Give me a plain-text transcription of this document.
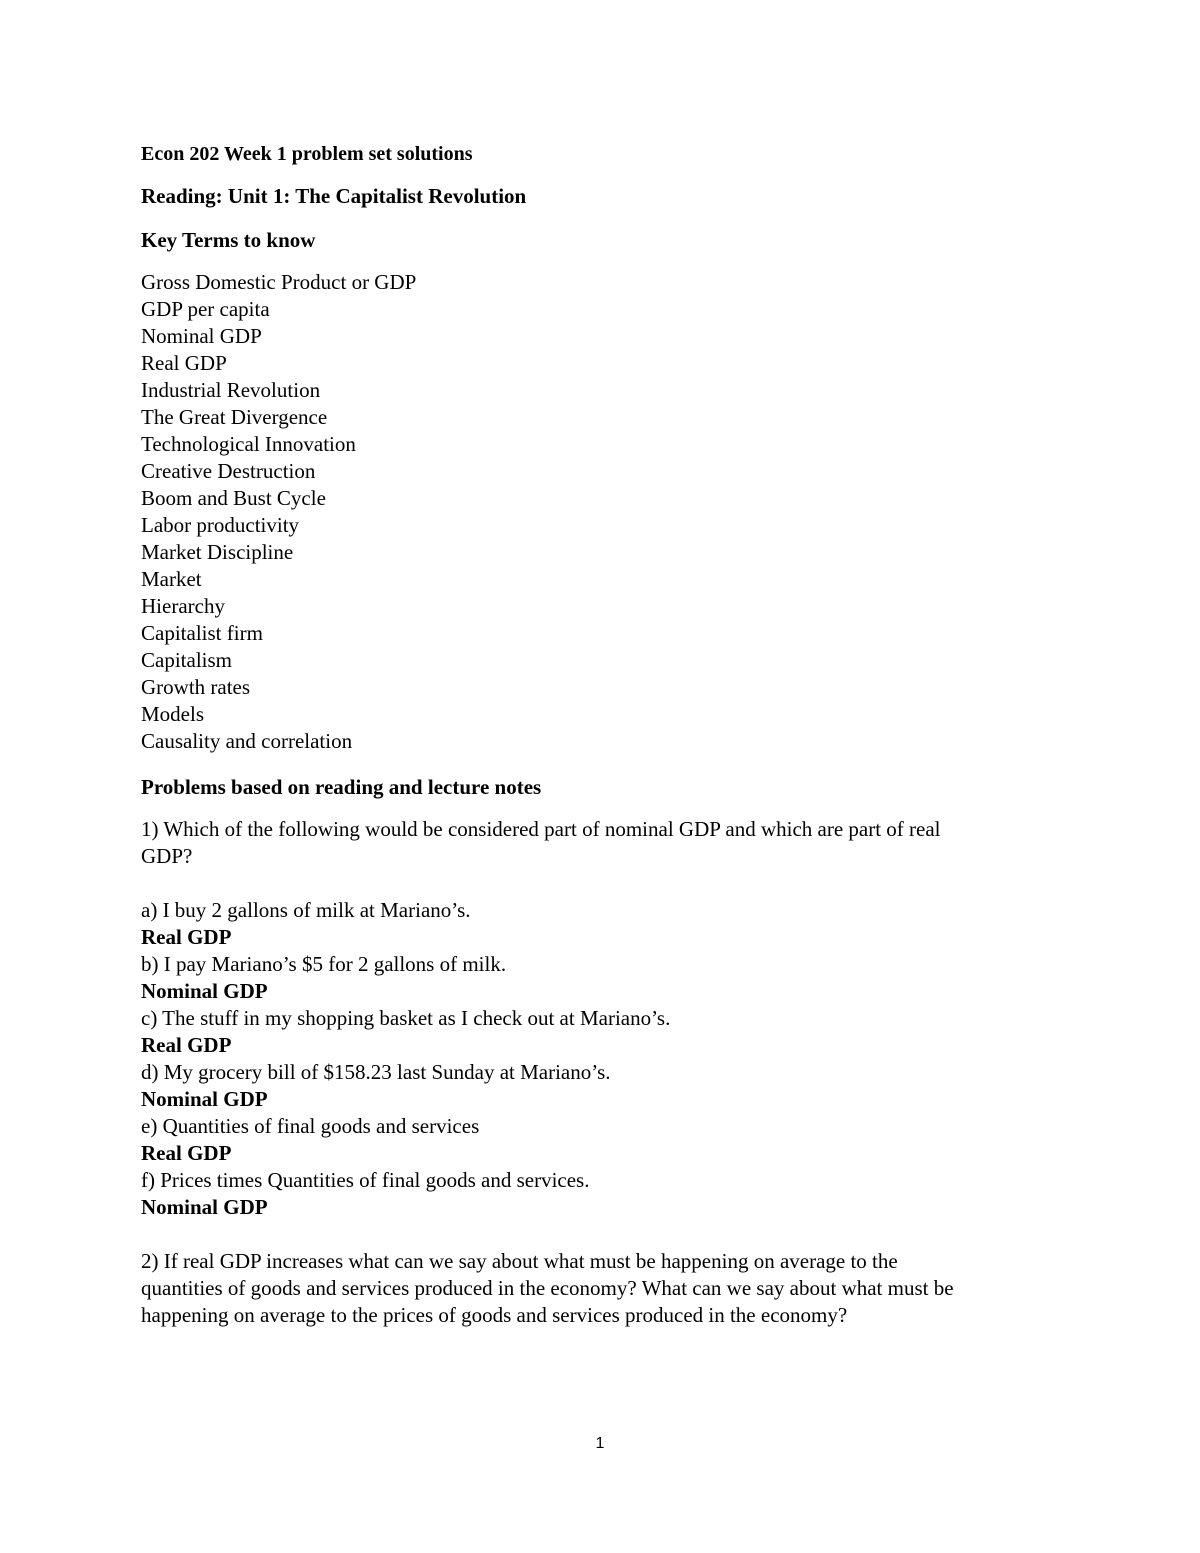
Econ 202 Week 1 problem set solutions
Reading: Unit 1: The Capitalist Revolution
Key Terms to know
Gross Domestic Product or GDP
GDP per capita
Nominal GDP
Real GDP
Industrial Revolution
The Great Divergence
Technological Innovation
Creative Destruction
Boom and Bust Cycle
Labor productivity
Market Discipline
Market
Hierarchy
Capitalist firm
Capitalism
Growth rates
Models
Causality and correlation
Problems based on reading and lecture notes
1) Which of the following would be considered part of nominal GDP and which are part of real GDP?
a) I buy 2 gallons of milk at Mariano’s.
Real GDP
b) I pay Mariano’s $5 for 2 gallons of milk.
Nominal GDP
c) The stuff in my shopping basket as I check out at Mariano’s.
Real GDP
d) My grocery bill of $158.23 last Sunday at Mariano’s.
Nominal GDP
e) Quantities of final goods and services
Real GDP
f) Prices times Quantities of final goods and services.
Nominal GDP
2) If real GDP increases what can we say about what must be happening on average to the quantities of goods and services produced in the economy? What can we say about what must be happening on average to the prices of goods and services produced in the economy?
1
